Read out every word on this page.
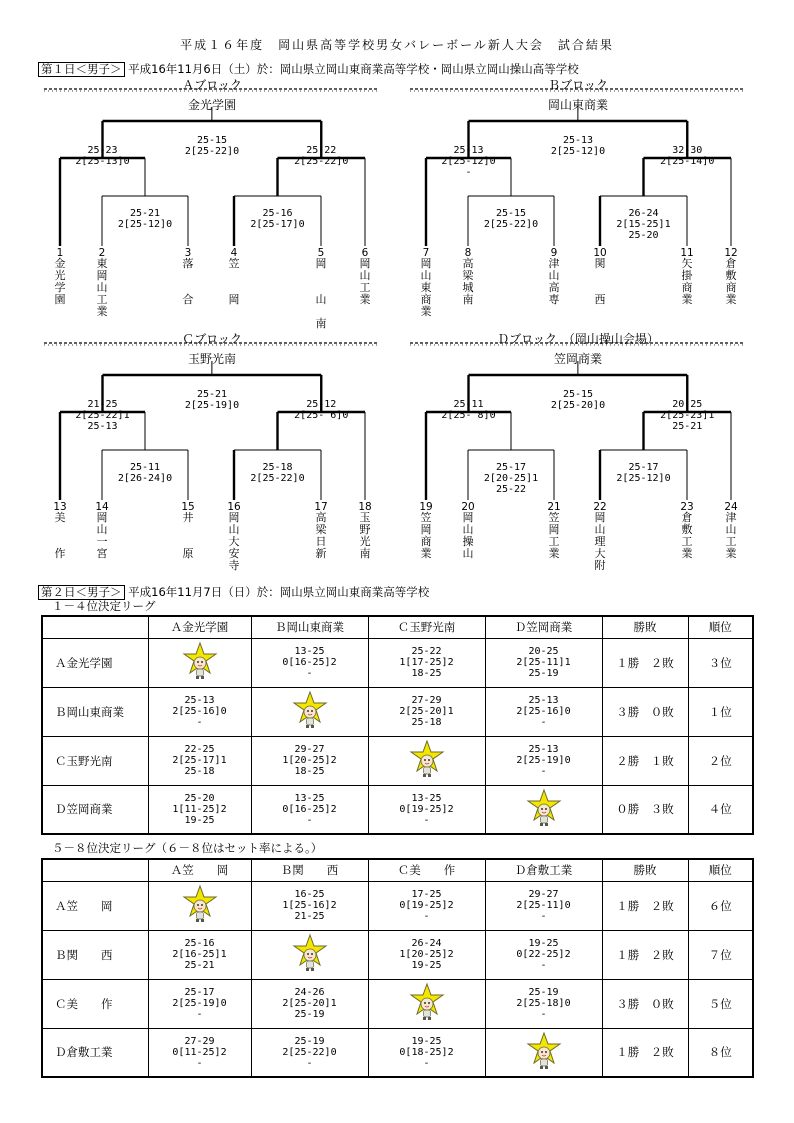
平成１６年度　岡山県高等学校男女バレーボール新人大会　試合結果
第１日＜男子＞ 平成16年11月6日（土）於：岡山県立岡山東商業高等学校・岡山県立岡山操山高等学校
Ａブロック
金光学園
25-15
2[25-22]0
25-23
2[25-13]0
25-22
2[25-22]0
25-21
2[25-12]0
25-16
2[25-17]0
1
金
光
学
園
2
東
岡
山
工
業
3
落

合
4
笠

岡
5
岡

山

南
6
岡
山
工
業
Ｂブロック
岡山東商業
25-13
2[25-12]0
25-13
2[25-12]0
-
32-30
2[25-14]0
25-15
2[25-22]0
26-24
2[15-25]1
25-20
7
岡
山
東
商
業
8
高
梁
城
南
9
津
山
高
専
10
関

西
11
矢
掛
商
業
12
倉
敷
商
業
Ｃブロック
玉野光南
25-21
2[25-19]0
21-25
2[25-22]1
25-13
25-12
2[25- 6]0
25-11
2[26-24]0
25-18
2[25-22]0
13
美

作
14
岡
山
一
宮
15
井

原
16
岡
山
大
安
寺
17
高
梁
日
新
18
玉
野
光
南
Ｄブロック　（岡山操山会場）
笠岡商業
25-15
2[25-20]0
25-11
2[25- 8]0
20-25
2[25-23]1
25-21
25-17
2[20-25]1
25-22
25-17
2[25-12]0
19
笠
岡
商
業
20
岡
山
操
山
21
笠
岡
工
業
22
岡
山
理
大
附
23
倉
敷
工
業
24
津
山
工
業
第２日＜男子＞ 平成16年11月7日（日）於：岡山県立岡山東商業高等学校
１－４位決定リーグ
	Ａ金光学園	Ｂ岡山東商業	Ｃ玉野光南	Ｄ笠岡商業	勝敗	順位
Ａ金光学園		13-25
0[16-25]2
-	25-22
1[17-25]2
18-25	20-25
2[25-11]1
25-19	１勝　２敗	３位
Ｂ岡山東商業	25-13
2[25-16]0
-		27-29
2[25-20]1
25-18	25-13
2[25-16]0
-	３勝　０敗	１位
Ｃ玉野光南	22-25
2[25-17]1
25-18	29-27
1[20-25]2
18-25		25-13
2[25-19]0
-	２勝　１敗	２位
Ｄ笠岡商業	25-20
1[11-25]2
19-25	13-25
0[16-25]2
-	13-25
0[19-25]2
-		０勝　３敗	４位
５－８位決定リーグ（６－８位はセット率による。）
	Ａ笠　　岡	Ｂ関　　西	Ｃ美　　作	Ｄ倉敷工業	勝敗	順位
Ａ笠　　岡		16-25
1[25-16]2
21-25	17-25
0[19-25]2
-	29-27
2[25-11]0
-	１勝　２敗	６位
Ｂ関　　西	25-16
2[16-25]1
25-21		26-24
1[20-25]2
19-25	19-25
0[22-25]2
-	１勝　２敗	７位
Ｃ美　　作	25-17
2[25-19]0
-	24-26
2[25-20]1
25-19		25-19
2[25-18]0
-	３勝　０敗	５位
Ｄ倉敷工業	27-29
0[11-25]2
-	25-19
2[25-22]0
-	19-25
0[18-25]2
-		１勝　２敗	８位
